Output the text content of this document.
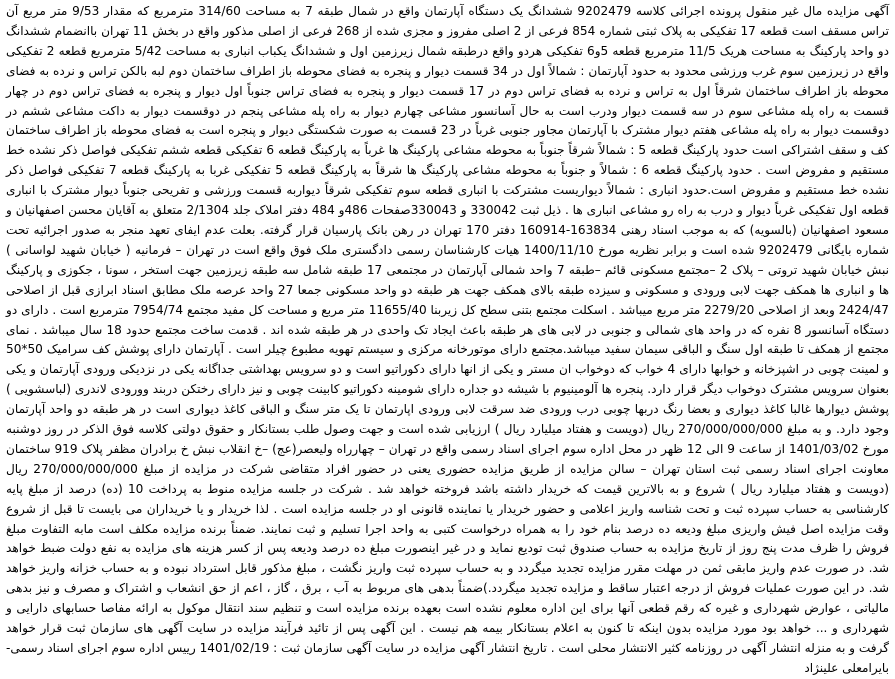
آگهی مزایده مال غیر منقول پرونده اجرائی کلاسه 9202479 ششدانگ یک دستگاه آپارتمان واقع در شمال طبقه 7 به مساحت 314/60 مترمربع که مقدار 9/53 متر مربع آن تراس مسقف است قطعه 17 تفکیکی به پلاک ثبتی شماره 854 فرعی از 2 اصلی مفروز و مجزی شده از 268 فرعی از اصلی مذکور واقع در بخش 11 تهران باانضمام ششدانگ دو واحد پارکینگ به مساحت هریک 11/5 مترمربع قطعه 5و6 تفکیکی هردو واقع درطبقه شمال زیرزمین اول و ششدانگ یکباب انباری به مساحت 5/42 مترمربع قطعه 2 تفکیکی واقع در زیرزمین سوم غرب ورزشی محدود به حدود آپارتمان : شمالاً اول در 34 قسمت دیوار و پنجره به فضای محوطه باز اطراف ساختمان دوم لبه بالکن تراس و نرده به فضای محوطه باز اطراف ساختمان شرقاً اول به تراس و نرده به فضای تراس دوم در 17 قسمت دیوار و پنجره به فضای تراس جنوباً اول دیوار و پنجره به فضای تراس دوم در چهار قسمت به راه پله مشاعی سوم در سه قسمت دیوار ودرب است به حال آسانسور مشاعی چهارم دیوار به راه پله مشاعی پنجم در دوقسمت دیوار به داکت مشاعی ششم در دوقسمت دیوار به راه پله مشاعی هفتم دیوار مشترک با آپارتمان مجاور جنوبی غرباً در 23 قسمت به صورت شکستگی دیوار و پنجره است به فضای محوطه باز اطراف ساختمان کف و سقف اشتراکی است حدود پارکینگ قطعه 5 : شمالاً شرقاً جنوباً به محوطه مشاعی پارکینگ ها غرباً به پارکینگ قطعه 6 تفکیکی قطعه ششم تفکیکی فواصل ذکر نشده خط مستقیم و مفروض است . حدود پارکینگ قطعه 6 : شمالاً و جنوباً به محوطه مشاعی پارکینگ ها شرقاً به پارکینگ قطعه 5 تفکیکی غربا به پارکینگ قطعه 7 تفکیکی فواصل ذکر نشده خط مستقیم و مفروض است.حدود انباری : شمالاً دیواریست مشترکت با انباری قطعه سوم تفکیکی شرقاً دیواربه قسمت ورزشی و تفریحی جنوباً دیوار مشترک با انباری قطعه اول تفکیکی غرباً دیوار و درب به راه رو مشاعی انباری ها . ذیل ثبت 330042 و 330043صفحات 486و 484 دفتر املاک جلد 2/1304 متعلق به آقایان محسن اصفهانیان و مسعود اصفهانیان (بالسویه) که به موجب اسناد رهنی 163834-160914 دفتر 170 تهران در رهن بانک پارسیان قرار گرفته. بعلت عدم ایفای تعهد منجر به صدور اجرائیه تحت شماره بایگانی 9202479 شده است و برابر نظریه مورخ 1400/11/10 هیات کارشناسان رسمی دادگستری ملک فوق واقع است در تهران – فرمانیه ( خیابان شهید لواسانی ) نبش خیابان شهید تروتی – پلاک 2 –مجتمع مسکونی قائم –طبقه 7 واحد شمالی آپارتمان در مجتمعی 17 طبقه شامل سه طبقه زیرزمین جهت استخر ، سونا ، جکوزی و پارکینگ ها و انباری ها همکف جهت لابی ورودی و مسکونی و سیزده طبقه بالای همکف جهت هر طبقه دو واحد مسکونی جمعا 27 واحد عرصه ملک مطابق اسناد ابرازی قبل از اصلاحی 2424/47 وبعد از اصلاحی 2279/20 متر مربع میباشد . اسکلت مجتمع بتنی سطح کل زیربنا 11655/40 متر مربع و مساحت کل مفید مجتمع 7954/74 مترمربع است . دارای دو دستگاه آسانسور 8 نفره که در واحد های شمالی و جنوبی در لابی های هر طبقه باعث ایجاد تک واحدی در هر طبقه شده اند . قدمت ساخت مجتمع حدود 18 سال میباشد . نمای مجتمع از همکف تا طبقه اول سنگ و الباقی سیمان سفید میباشد.مجتمع دارای موتورخانه مرکزی و سیستم تهویه مطبوع چیلر است . آپارتمان دارای پوشش کف سرامیک 50*50 و لمینت چوبی در اشپزخانه و خوابها دارای 4 خواب که دوخواب ان مستر و یکی از انها دارای دکوراتیو است و دو سرویس بهداشتی جداگانه یکی در نزدیکی ورودی آپارتمان و یکی بعنوان سرویس مشترک دوخواب دیگر قرار دارد. پنجره ها آلومینیوم با شیشه دو جداره دارای شومینه دکوراتیو کابینت چوبی و نیز دارای رختکن دربند وورودی لاندری (لباسشویی ) پوشش دیوارها غالبا کاغذ دیواری و بعضا رنگ دربها چوبی درب ورودی ضد سرقت لابی ورودی اپارتمان تا یک متر سنگ و الباقی کاغذ دیواری است در هر طبقه دو واحد آپارتمان وجود دارد. و به مبلغ 270/000/000/000 ریال (دویست و هفتاد میلیارد ریال ) ارزیابی شده است و جهت وصول طلب بستانکار و حقوق دولتی کلاسه فوق الذکر در روز دوشنبه مورخ 1401/03/02 از ساعت 9 الی 12 ظهر در محل اداره سوم اجرای اسناد رسمی واقع در تهران – چهارراه ولیعصر(عج) –خ انقلاب نبش خ برادران مظفر پلاک 919 ساختمان معاونت اجرای اسناد رسمی ثبت استان تهران – سالن مزایده از طریق مزایده حضوری یعنی در حضور افراد متقاضی شرکت در مزایده از مبلغ 270/000/000/000 ریال (دویست و هفتاد میلیارد ریال ) شروع و به بالاترین قیمت که خریدار داشته باشد فروخته خواهد شد . شرکت در جلسه مزایده منوط به پرداخت 10 (ده) درصد از مبلغ پایه کارشناسی به حساب سپرده ثبت و تحت شناسه واریز اعلامی و حضور خریدار یا نماینده قانونی او در جلسه مزایده است . لذا خریدار و یا خریداران می بایست تا قبل از شروع وقت مزایده اصل فیش واریزی مبلغ ودیعه ده درصد بنام خود را به همراه درخواست کتبی به واحد اجرا تسلیم و ثبت نمایند. ضمناً برنده مزایده مکلف است مابه التفاوت مبلغ فروش را ظرف مدت پنج روز از تاریخ مزایده به حساب صندوق ثبت تودیع نماید و در غیر اینصورت مبلغ ده درصد ودیعه پس از کسر هزینه های مزایده به نفع دولت ضبط خواهد شد. در صورت عدم واریز مابقی ثمن در مهلت مقرر مزایده تجدید میگردد و به حساب سپرده ثبت واریز نگشت ، مبلغ مذکور قابل استرداد نبوده و به حساب خزانه واریز خواهد شد. در این صورت عملیات فروش از درجه اعتبار ساقط و مزایده تجدید میگردد.)ضمناً بدهی های مربوط به آب ، برق ، گاز ، اعم از حق انشعاب و اشتراک و مصرف و نیز بدهی مالیاتی ، عوارض شهرداری و غیره که رقم قطعی آنها برای این اداره معلوم نشده است بعهده برنده مزایده است و تنظیم سند انتقال موکول به ارائه مفاصا حسابهای دارایی و شهرداری و ... خواهد بود مورد مزایده بدون اینکه تا کنون به اعلام بستانکار بیمه هم نیست . این آگهی پس از تائید فرآیند مزایده در سایت آگهی های سازمان ثبت قرار خواهد گرفت و به منزله انتشار آگهی در روزنامه کثیر الانتشار محلی است . تاریخ انتشار آگهی مزایده در سایت آگهی سازمان ثبت : 1401/02/19 رییس اداره سوم اجرای اسناد رسمی- بایرامعلی علینژاد
